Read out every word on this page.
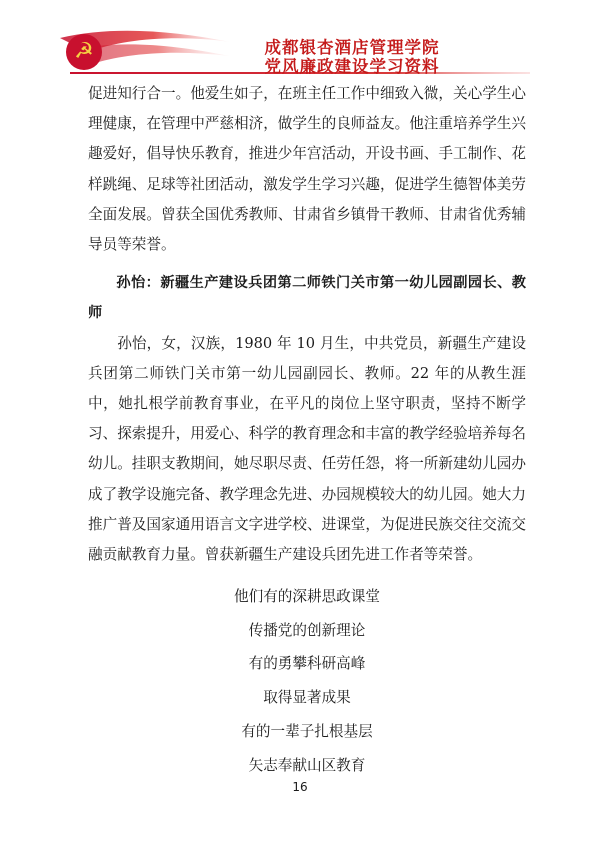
☭	成都银杏酒店管理学院
党风廉政建设学习资料

促进知行合一。他爱生如子，在班主任工作中细致入微，关心学生心理健康，在管理中严慈相济，做学生的良师益友。他注重培养学生兴趣爱好，倡导快乐教育，推进少年宫活动，开设书画、手工制作、花样跳绳、足球等社团活动，激发学生学习兴趣，促进学生德智体美劳全面发展。曾获全国优秀教师、甘肃省乡镇骨干教师、甘肃省优秀辅导员等荣誉。

孙怡：新疆生产建设兵团第二师铁门关市第一幼儿园副园长、教师

孙怡，女，汉族，1980 年 10 月生，中共党员，新疆生产建设兵团第二师铁门关市第一幼儿园副园长、教师。22 年的从教生涯中，她扎根学前教育事业，在平凡的岗位上坚守职责，坚持不断学习、探索提升，用爱心、科学的教育理念和丰富的教学经验培养每名幼儿。挂职支教期间，她尽职尽责、任劳任怨，将一所新建幼儿园办成了教学设施完备、教学理念先进、办园规模较大的幼儿园。她大力推广普及国家通用语言文字进学校、进课堂，为促进民族交往交流交融贡献教育力量。曾获新疆生产建设兵团先进工作者等荣誉。

他们有的深耕思政课堂

传播党的创新理论

有的勇攀科研高峰

取得显著成果

有的一辈子扎根基层

矢志奉献山区教育

16
